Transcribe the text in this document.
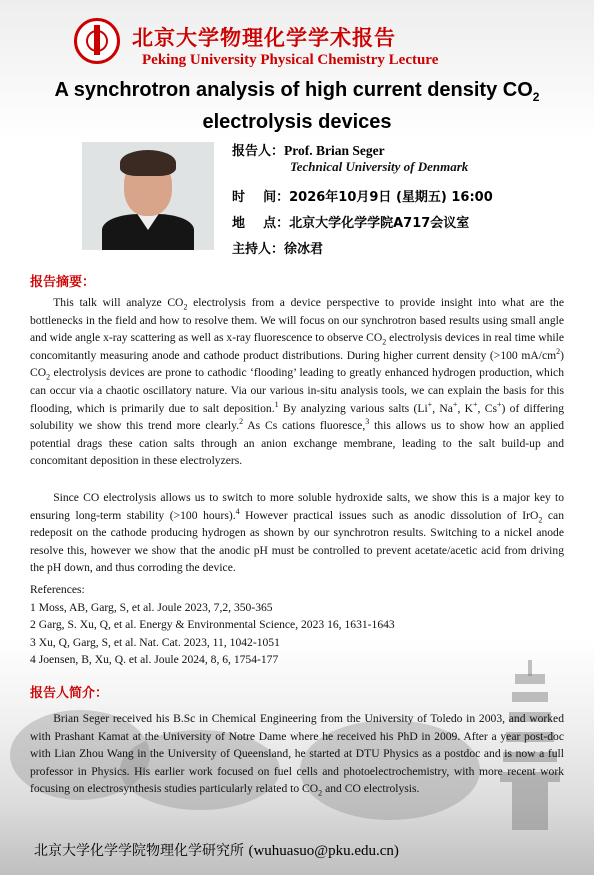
北京大学物理化学学术报告
Peking University Physical Chemistry Lecture
A synchrotron analysis of high current density $CO_2$
electrolysis devices
报告人：Prof. Brian Seger
Technical University of Denmark
时    间：2026年10月9日 (星期五) 16:00
地    点：北京大学化学学院A717会议室
主持人：徐冰君
报告摘要：
This talk will analyze $CO_2$ electrolysis from a device perspective to provide insight into what are the bottlenecks in the field and how to resolve them. We will focus on our synchrotron based results using small angle and wide angle x-ray scattering as well as x-ray fluorescence to observe $CO_2$ electrolysis devices in real time while concomitantly measuring anode and cathode product distributions. During higher current density (>100 $mA/cm^2$) $CO_2$ electrolysis devices are prone to cathodic ‘flooding’ leading to greatly enhanced hydrogen production, which can occur via a chaotic oscillatory nature. Via our various in-situ analysis tools, we can explain the basis for this flooding, which is primarily due to salt deposition.$^1$ By analyzing various salts (Li+, Na+, K+, Cs+) of differing solubility we show this trend more clearly.$^2$ As Cs cations fluoresce,$^3$ this allows us to show how an applied potential drags these cation salts through an anion exchange membrane, leading to the salt build-up and concomitant deposition in these electrolyzers.
Since CO electrolysis allows us to switch to more soluble hydroxide salts, we show this is a major key to ensuring long-term stability (>100 hours).$^4$ However practical issues such as anodic dissolution of IrO$_2$ can redeposit on the cathode producing hydrogen as shown by our synchrotron results. Switching to a nickel anode resolve this, however we show that the anodic pH must be controlled to prevent acetate/acetic acid from driving the pH down, and thus corroding the device.
References:
1 Moss, AB, Garg, S, et al. Joule 2023, 7,2, 350-365
2 Garg, S. Xu, Q, et al. Energy & Environmental Science, 2023 16, 1631-1643
3 Xu, Q, Garg, S, et al. Nat. Cat. 2023, 11, 1042-1051
4 Joensen, B, Xu, Q. et al. Joule 2024, 8, 6, 1754-177
报告人简介：
Brian Seger received his B.Sc in Chemical Engineering from the University of Toledo in 2003, and worked with Prashant Kamat at the University of Notre Dame where he received his PhD in 2009. After a year post-doc with Lian Zhou Wang in the University of Queensland, he started at DTU Physics as a postdoc and is now a full professor in Physics. His earlier work focused on fuel cells and photoelectrochemistry, with more recent work focusing on electrosynthesis studies particularly related to $CO_2$ and CO electrolysis.
北京大学化学学院物理化学研究所 (wuhuasuo@pku.edu.cn)
